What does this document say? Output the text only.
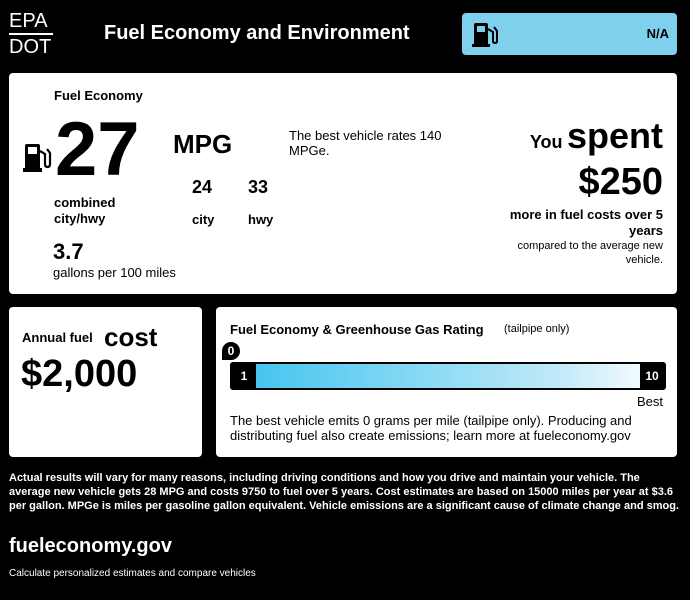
EPA
DOT
Fuel Economy and Environment	N/A
Fuel Economy
27 MPG
combined city/hwy
24 33
city	hwy
3.7
gallons per 100 miles
The best vehicle rates 140 MPGe.	You spent
$250
more in fuel costs over 5 years
compared to the average new vehicle.
Annual fuel cost
$2,000
Fuel Economy & Greenhouse Gas Rating (tailpipe only)
0
1	10
Best
The best vehicle emits 0 grams per mile (tailpipe only). Producing and distributing fuel also create emissions; learn more at fueleconomy.gov
Actual results will vary for many reasons, including driving conditions and how you drive and maintain your vehicle. The average new vehicle gets 28 MPG and costs 9750 to fuel over 5 years. Cost estimates are based on 15000 miles per year at $3.6 per gallon. MPGe is miles per gasoline gallon equivalent. Vehicle emissions are a significant cause of climate change and smog.
fueleconomy.gov
Calculate personalized estimates and compare vehicles
